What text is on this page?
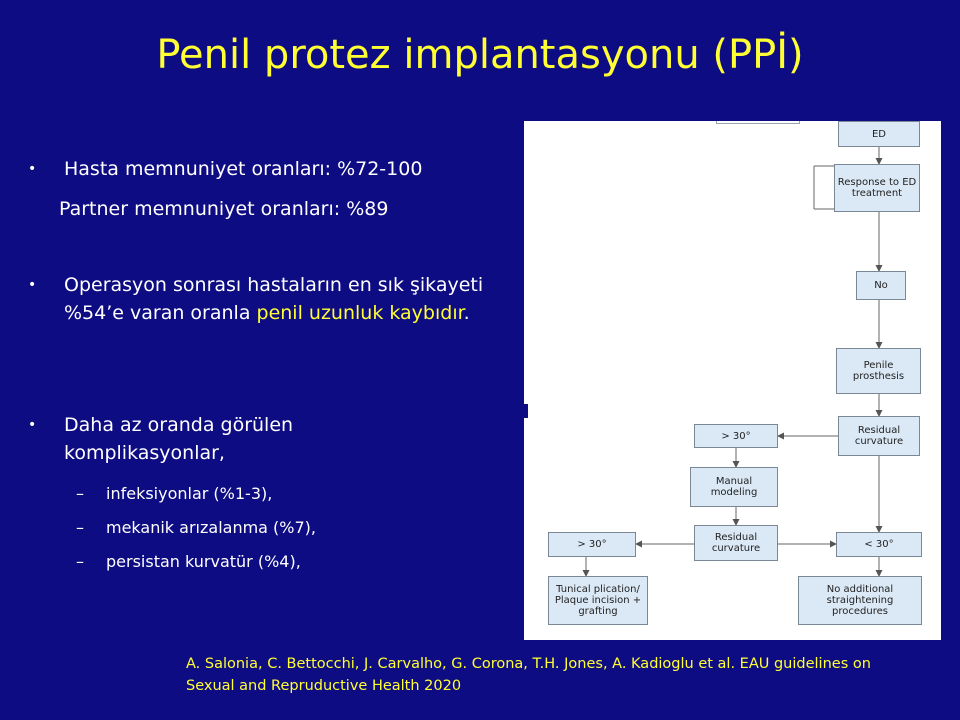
Penil protez implantasyonu (PPİ)
• Hasta memnuniyet oranları: %72-100
Partner memnuniyet oranları: %89
• Operasyon sonrası hastaların en sık şikayeti %54’e varan oranla penil uzunluk kaybıdır.
• Daha az oranda görülen komplikasyonlar,
– infeksiyonlar (%1-3),
– mekanik arızalanma (%7),
– persistan kurvatür (%4),
ED
Response to ED treatment
No
Penile prosthesis
Residual curvature
> 30°
Manual modeling
Residual curvature
> 30°	< 30°
Tunical plication/ Plaque incision + grafting
No additional straightening procedures
A. Salonia, C. Bettocchi, J. Carvalho, G. Corona, T.H. Jones, A. Kadioglu et al. EAU guidelines on Sexual and Repruductive Health 2020
